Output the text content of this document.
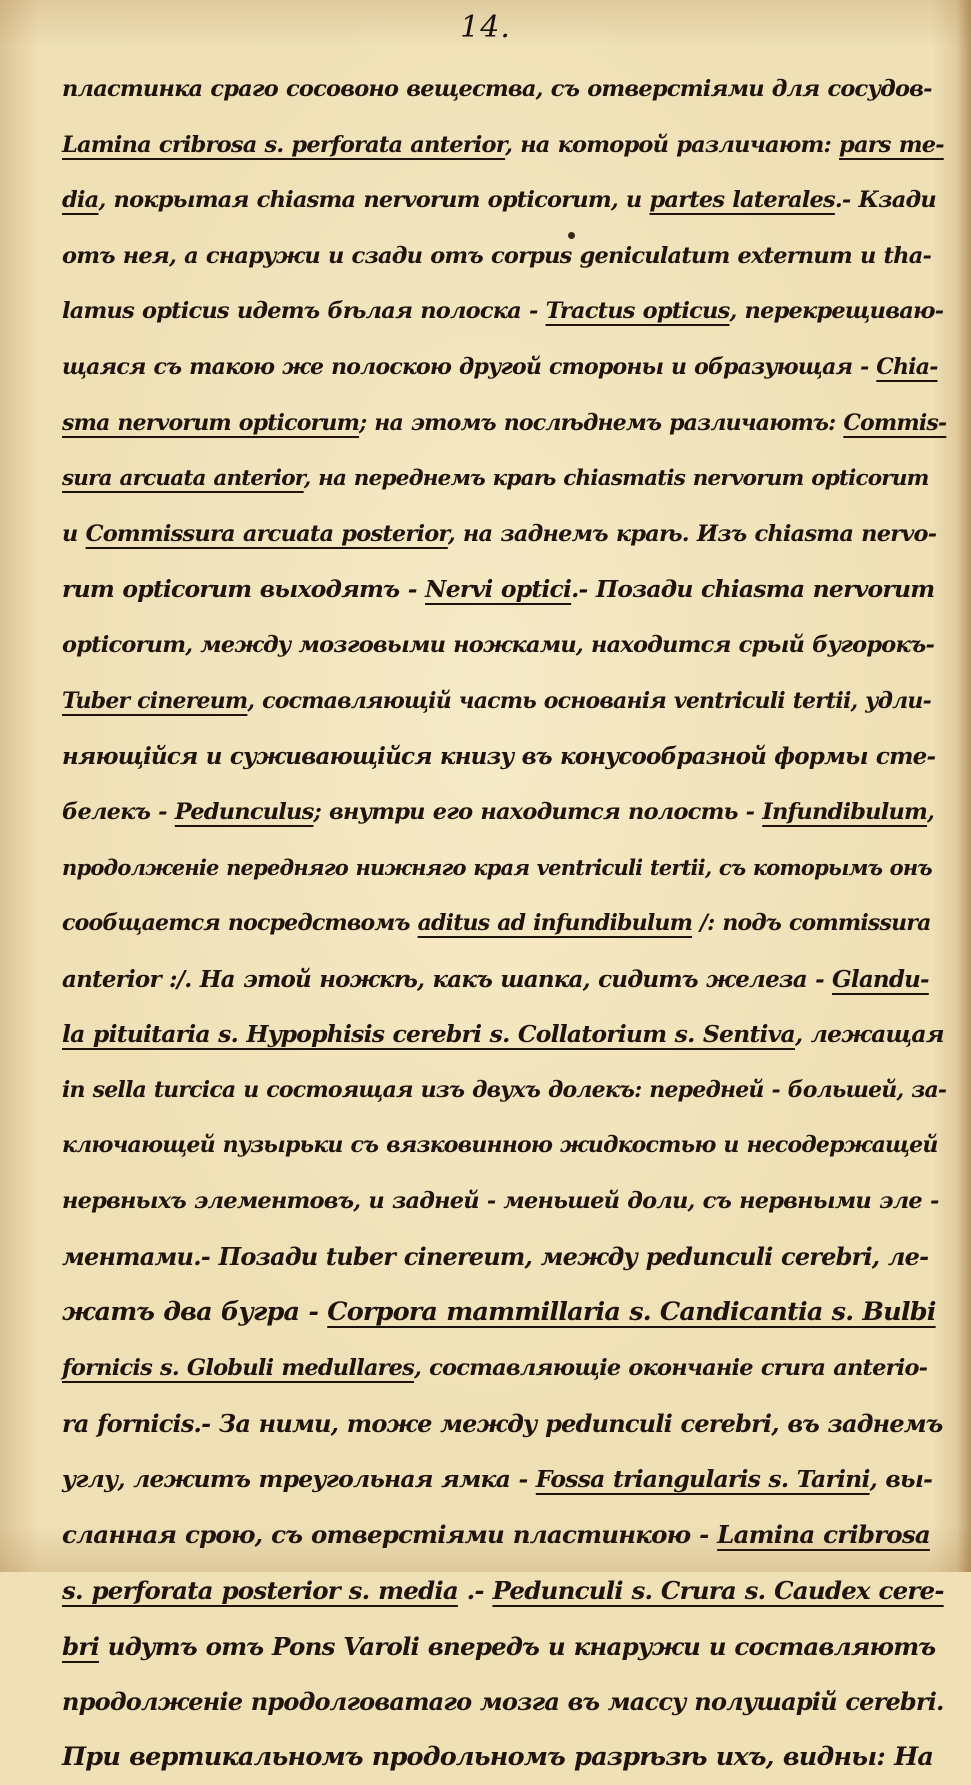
14.
пластинка сраго сосовоно вещества, съ отверстіями для сосудов-
Lamina cribrosa s. perforata anterior, на которой различают: pars me-
dia, покрытая chiasma nervorum opticorum, и partes laterales.- Кзади
отъ нея, а снаружи и сзади отъ corpus geniculatum externum и tha-
lamus opticus идетъ бѣлая полоска - Tractus opticus, перекрещиваю-
щаяся съ такою же полоскою другой стороны и образующая - Chia-
sma nervorum opticorum; на этомъ послѣднемъ различаютъ: Commis-
sura arcuata anterior, на переднемъ краѣ chiasmatis nervorum opticorum
и Commissura arcuata posterior, на заднемъ краѣ. Изъ chiasma nervo-
rum opticorum выходятъ - Nervi optici.- Позади chiasma nervorum
opticorum, между мозговыми ножками, находится срый бугорокъ-
Tuber cinereum, составляющій часть основанія ventriculi tertii, удли-
няющійся и суживающійся книзу въ конусообразной формы сте-
белекъ - Pedunculus; внутри его находится полость - Infundibulum,
продолженіе передняго нижняго края ventriculi tertii, съ которымъ онъ
сообщается посредствомъ aditus ad infundibulum /: подъ commissura
anterior :/. На этой ножкѣ, какъ шапка, сидитъ железа - Glandu-
la pituitaria s. Hypophisis cerebri s. Collatorium s. Sentiva, лежащая
in sella turcica и состоящая изъ двухъ долекъ: передней - большей, за-
ключающей пузырьки съ вязковинною жидкостью и несодержащей
нервныхъ элементовъ, и задней - меньшей доли, съ нервными эле -
ментами.- Позади tuber cinereum, между pedunculi cerebri, ле-
жатъ два бугра - Corpora mammillaria s. Candicantia s. Bulbi
fornicis s. Globuli medullares, составляющіе окончаніе crura anterio-
ra fornicis.- За ними, тоже между pedunculi cerebri, въ заднемъ
углу, лежитъ треугольная ямка - Fossa triangularis s. Tarini, вы-
сланная срою, съ отверстіями пластинкою - Lamina cribrosa
s. perforata posterior s. media .- Pedunculi s. Crura s. Caudex cere-
bri идутъ отъ Pons Varoli впередъ и кнаружи и составляютъ
продолженіе продолговатаго мозга въ массу полушарій cerebri.
При вертикальномъ продольномъ разрѣзѣ ихъ, видны: На
